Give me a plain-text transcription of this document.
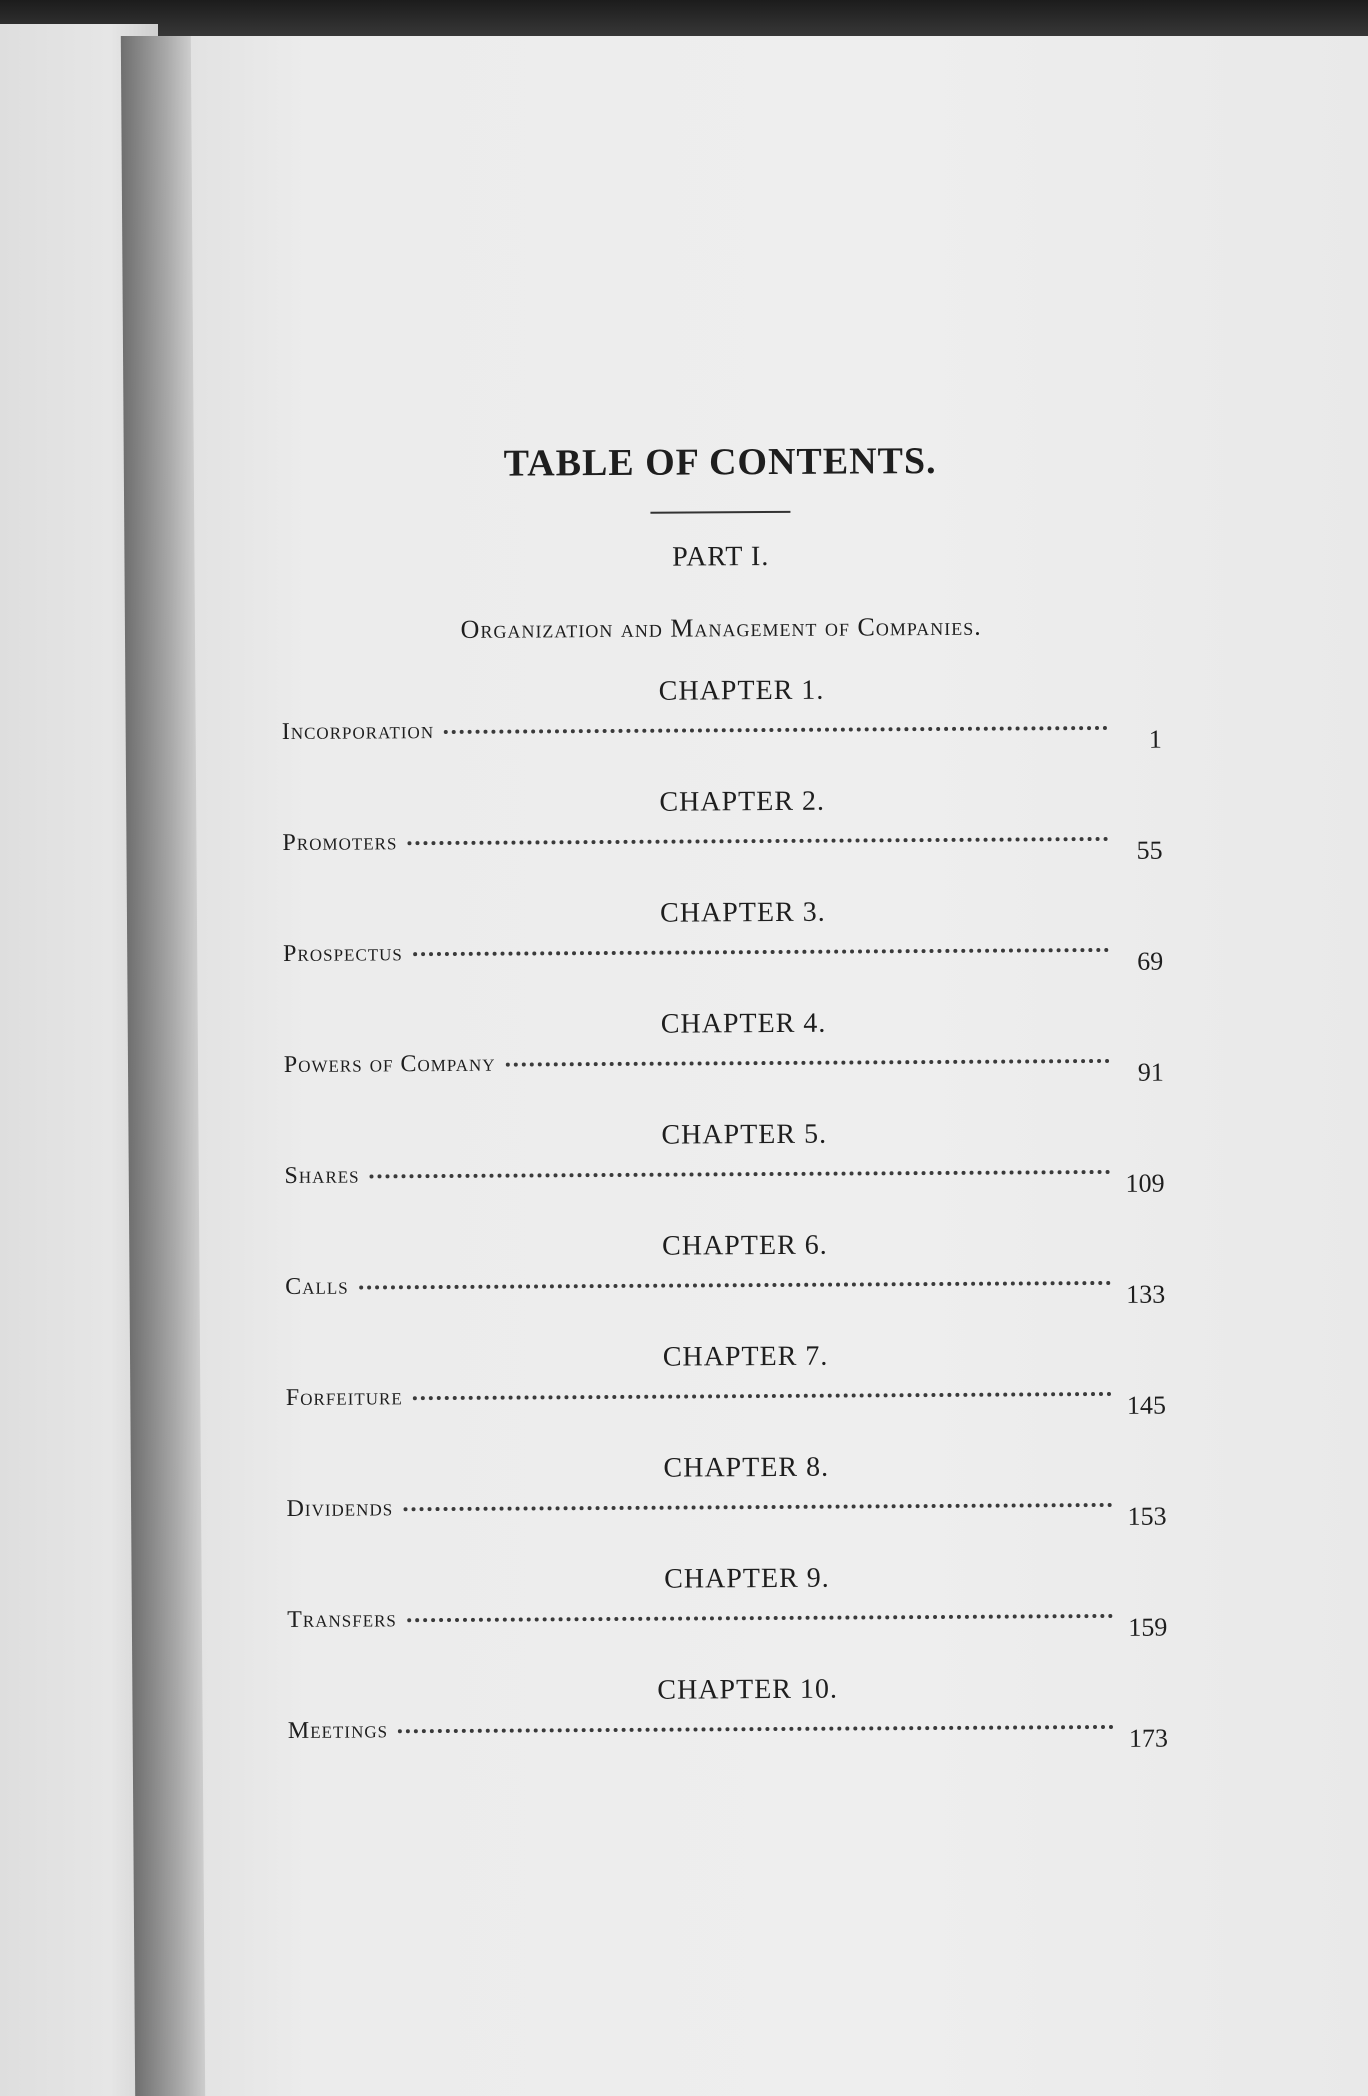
TABLE OF CONTENTS.
PART I.
Organization and Management of Companies.
CHAPTER 1.
Incorporation	1
CHAPTER 2.
Promoters	55
CHAPTER 3.
Prospectus	69
CHAPTER 4.
Powers of Company	91
CHAPTER 5.
Shares	109
CHAPTER 6.
Calls	133
CHAPTER 7.
Forfeiture	145
CHAPTER 8.
Dividends	153
CHAPTER 9.
Transfers	159
CHAPTER 10.
Meetings	173
